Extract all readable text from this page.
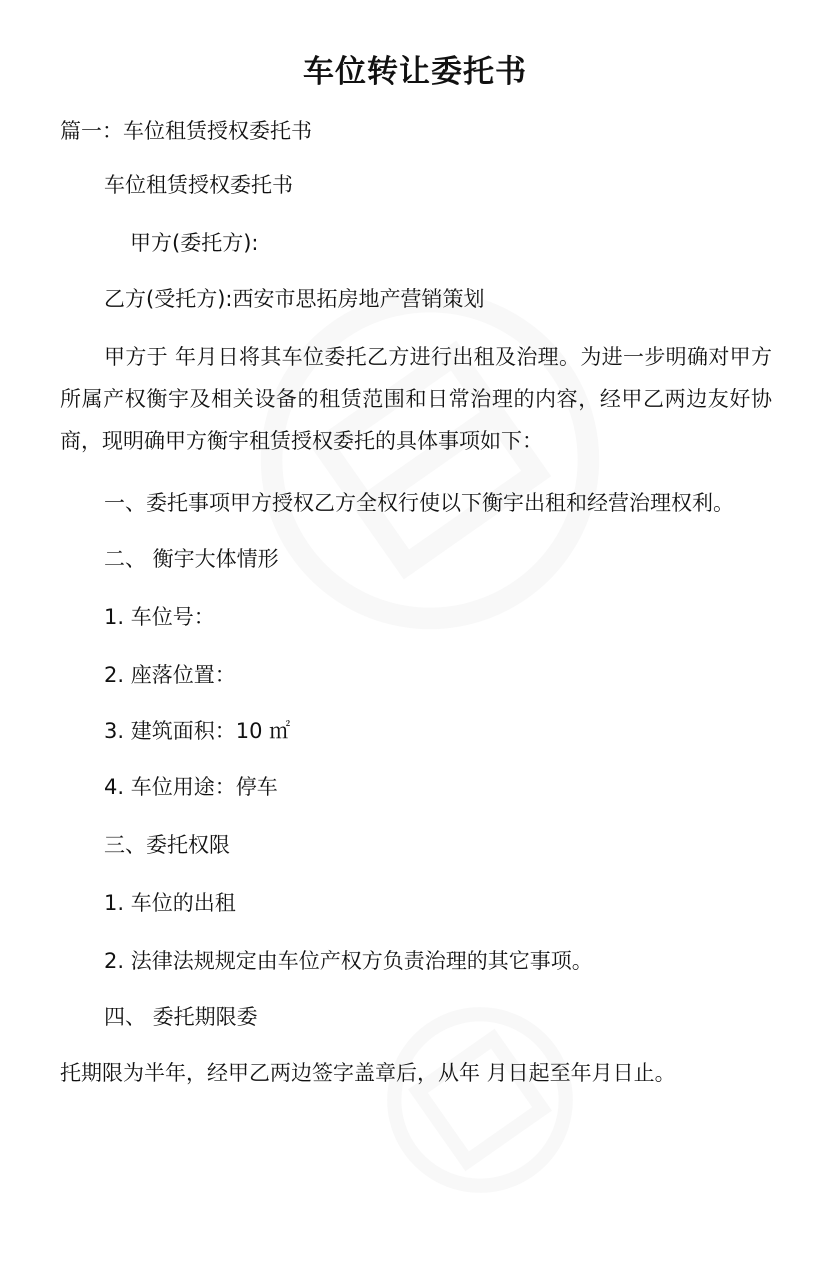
车位转让委托书
篇一：车位租赁授权委托书
车位租赁授权委托书
甲方(委托方):
乙方(受托方):西安市思拓房地产营销策划
甲方于 年月日将其车位委托乙方进行出租及治理。为进一步明确对甲方所属产权衡宇及相关设备的租赁范围和日常治理的内容，经甲乙两边友好协商，现明确甲方衡宇租赁授权委托的具体事项如下：
一、委托事项甲方授权乙方全权行使以下衡宇出租和经营治理权利。
二、 衡宇大体情形
1. 车位号：
2. 座落位置：
3. 建筑面积：10 ㎡
4. 车位用途：停车
三、委托权限
1. 车位的出租
2. 法律法规规定由车位产权方负责治理的其它事项。
四、 委托期限委
托期限为半年，经甲乙两边签字盖章后，从年 月日起至年月日止。
